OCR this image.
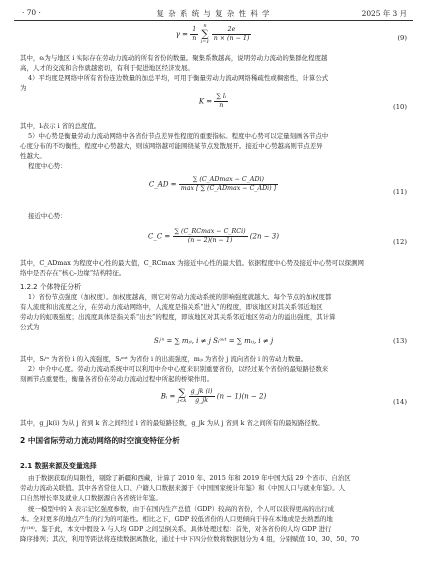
· 70 ·	复 杂 系 统 与 复 杂 性 科 学	2025 年 3 月
$\gamma = \frac{1}{n}$ n
∑
$i=1 \frac{2e}{n \times (n - 1)}$	(9)
其中，eᵢ为与地区 i 实际存在劳动力流动的所有省份的数量。聚集系数越高，说明劳动力流动的集群化程度越
高，人才的交流和合作就越密切，有利于促进地区经济发展。
4）平均度是网络中所有省份连边数量的加总平均，可用于衡量劳动力流动网络稀疏性或稠密性，计算公式
为
$K = \frac{\text{∑ lᵢ}}{n}$	(10)
其中，lᵢ表示 i 省的总度值。
5）中心势是衡量劳动力流动网络中各省份节点差异性程度的重要指标。程度中心势可以定量刻画各节点中
心度分布的不均衡性，程度中心势越大，则该网络越可能围绕某节点发散展开。接近中心势越高则节点差异
性越大。
程度中心势：
C_AD = $\frac{\text{∑ (C\_ADmax − C\_ADi)}}{\text{max [ ∑ (C\_ADmax − C\_ADi) ]}}$	(11)
接近中心势：
C_C = $\frac{\text{∑ (C\_RCmax − C\_RCi)}}{(n - 2)(n - 1)} (2n - 3)$
(12)
其中，C_ADmax 为程度中心性的最大值，C_RCmax 为接近中心性的最大值。依据程度中心势及接近中心势可以探测网
络中是否存在“核心-边缘”结构特征。
1.2.2 个体特征分析
1）省份节点强度（加权度）。加权度越高，则它对劳动力流动系统的影响强度就越大。每个节点的加权度都
有人流度和出流度之分，在劳动力流动网络中，人流度是指关系“进入”的程度，即该地区对其关系邻近地区
劳动力的虹吸强度；出流度具体是指关系“出去”的程度，即该地区对其关系邻近地区劳动力的溢出强度，其计算
公式为
Sᵢⁱⁿ = ∑ mⱼᵢ, i ≠ j Sᵢᵒᵘᵗ = ∑ mᵢⱼ, i ≠ j	(13)
其中，Sᵢⁱⁿ 为省份 i 的入流强度，Sᵢᵒᵘᵗ 为省份 i 的出流强度，mⱼᵢ 为省份 j 流向省份 i 的劳动力数量。
2）中介中心度。劳动力流动系统中可以利用中介中心度来识别重要省份，以经过某个省份的最短路径数来
刻画节点重要性，衡量各省份在劳动力流动过程中所起的桥梁作用。
Bᵢ = ∑
$j<k \frac{g\_jk (i)}{g\_jk} (n - 1)(n - 2)$
(14)
其中，g_jk(i) 为从 j 省到 k 省之间经过 i 省的最短路径数，g_jk 为从 j 省到 k 省之间所有的最短路径数。
2 中国省际劳动力流动网络的时空演变特征分析
2.1 数据来源及变量选择
由于数据获取的局限性，剔除了新疆和西藏，计算了 2010 年、2015 年和 2019 年中国大陆 29 个省市、自治区
劳动力流动关联值。其中各省常住人口、户籍人口数据来源于《中国国家统计年鉴》和《中国人口与就业年鉴》。人
口自然增长率及就业人口数据源自各省统计年鉴。
统一模型中的 λ 表示记忆强度参数，由于在国内生产总值（GDP）较高的省份，个人可以获得更高的出行成
本。全对更多的地点产生的行为的可能性。相比之下，GDP 较低省份的人口更倾向于待在本地或是去熟悉的地
方⁽¹⁶⁾。鉴于此，本文中假设 λ 与人均 GDP 之间呈倒关系。具体处理过程：首先，对各省份的人均 GDP 进行
降序排列；其次，利用等距法将连续数据离散化，通过十中下四分位数将数据划分为 4 组，分别赋值 10、30、50、70
